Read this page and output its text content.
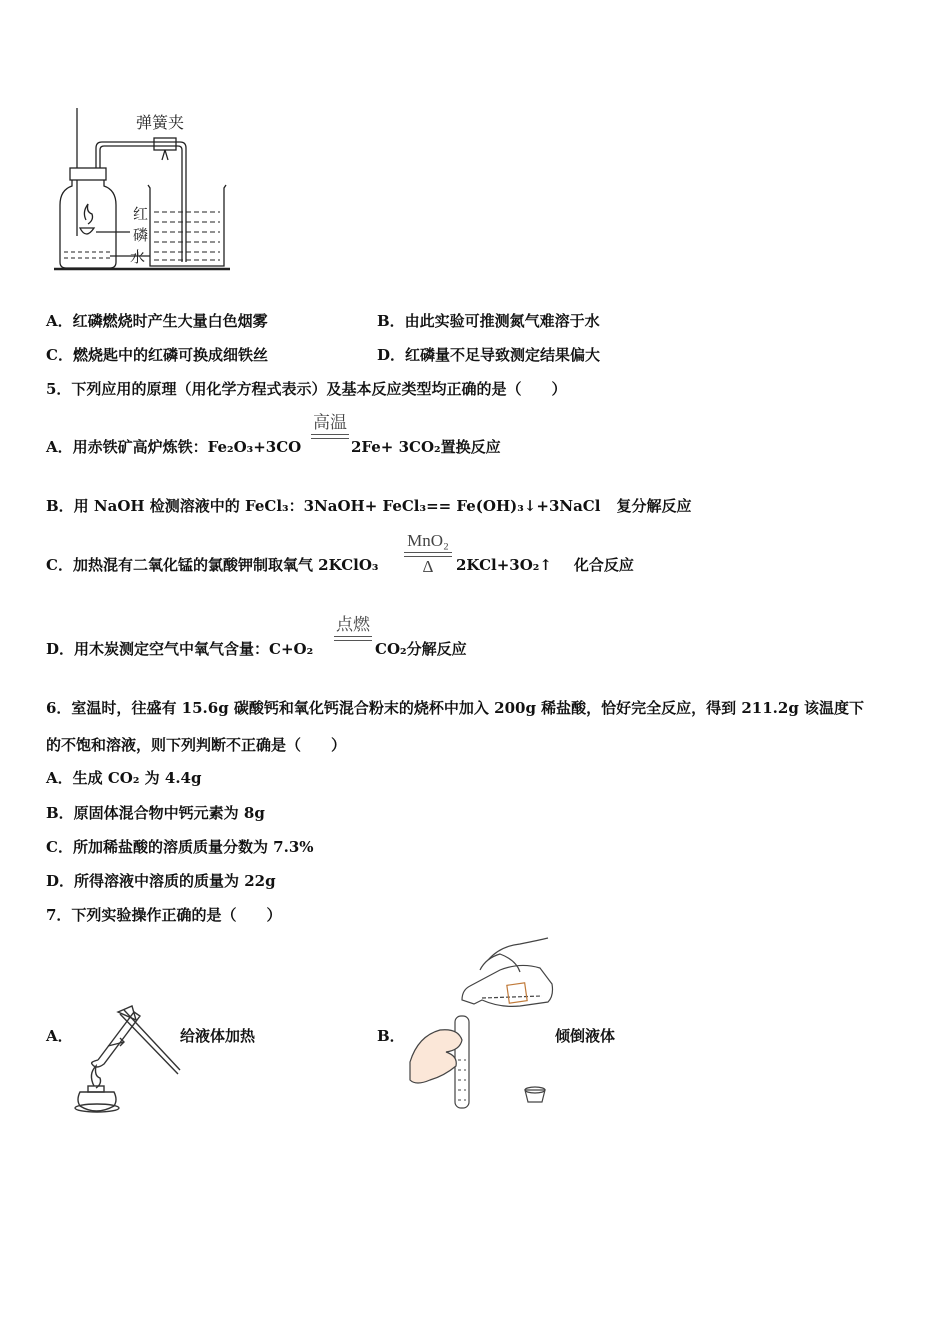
弹簧夹
红
磷
水
A．红磷燃烧时产生大量白色烟雾	B．由此实验可推测氮气难溶于水
C．燃烧匙中的红磷可换成细铁丝	D．红磷量不足导致测定结果偏大
5．下列应用的原理（用化学方程式表示）及基本反应类型均正确的是（　　）
A．用赤铁矿高炉炼铁：Fe₂O₃+3CO
高温
2Fe+ 3CO₂置换反应
B．用 NaOH 检测溶液中的 FeCl₃：3NaOH+ FeCl₃== Fe(OH)₃↓+3NaCl 复分解反应
C．加热混有二氧化锰的氯酸钾制取氧气 2KClO₃
MnO₂
Δ	2KCl+3O₂↑ 化合反应
D．用木炭测定空气中氧气含量：C+O₂
点燃
CO₂分解反应
6．室温时，往盛有 15.6g 碳酸钙和氧化钙混合粉末的烧杯中加入 200g 稀盐酸，恰好完全反应，得到 211.2g 该温度下
的不饱和溶液，则下列判断不正确是（　　）
A．生成 CO₂ 为 4.4g
B．原固体混合物中钙元素为 8g
C．所加稀盐酸的溶质质量分数为 7.3%
D．所得溶液中溶质的质量为 22g
7．下列实验操作正确的是（　　）
A．	给液体加热	B．	倾倒液体
